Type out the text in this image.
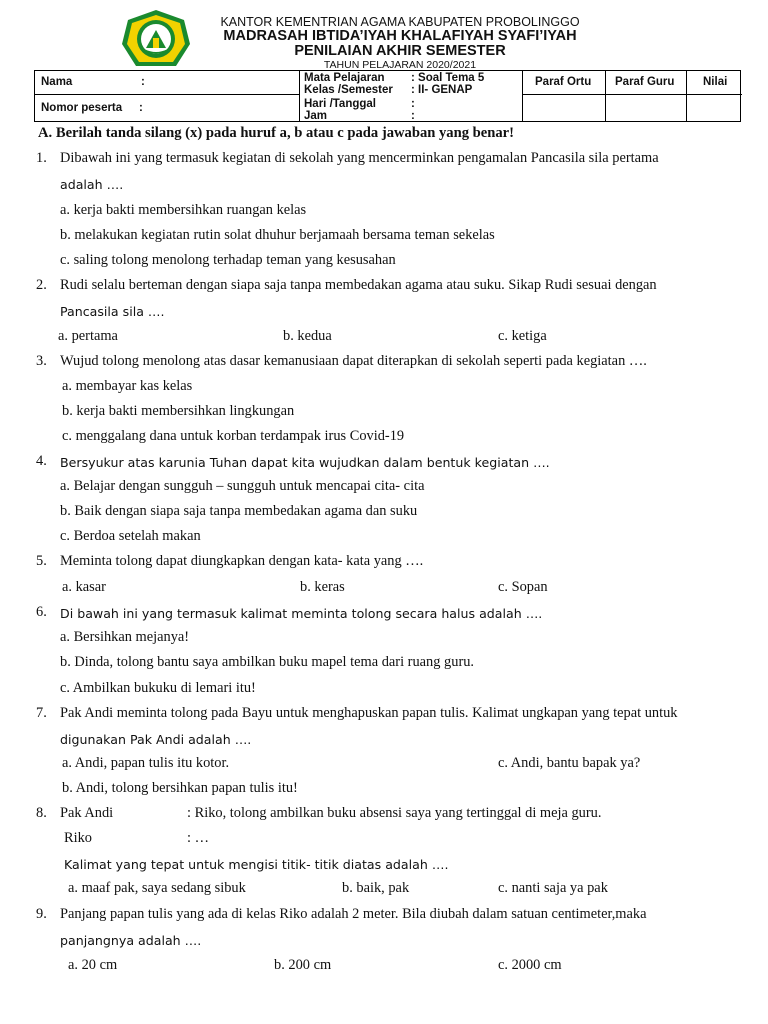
KANTOR KEMENTRIAN AGAMA KABUPATEN PROBOLINGGO
MADRASAH IBTIDA’IYAH KHALAFIYAH SYAFI’IYAH
PENILAIAN AKHIR SEMESTER
TAHUN PELAJARAN 2020/2021
Nama	:
Nomor peserta :
Mata Pelajaran : Soal Tema 5
Kelas /Semester : II- GENAP
Hari /Tanggal	:
Jam	:
Paraf Ortu Paraf Guru Nilai
A. Berilah tanda silang (x) pada huruf a, b atau c pada jawaban yang benar!
1. Dibawah ini yang termasuk kegiatan di sekolah yang mencerminkan pengamalan Pancasila sila pertama
adalah ….
a. kerja bakti membersihkan ruangan kelas
b. melakukan kegiatan rutin solat dhuhur berjamaah bersama teman sekelas
c. saling tolong menolong terhadap teman yang kesusahan
2. Rudi selalu berteman dengan siapa saja tanpa membedakan agama atau suku. Sikap Rudi sesuai dengan
Pancasila sila ….
a. pertama	b. kedua	c. ketiga
3. Wujud tolong menolong atas dasar kemanusiaan dapat diterapkan di sekolah seperti pada kegiatan ….
a. membayar kas kelas
b. kerja bakti membersihkan lingkungan
c. menggalang dana untuk korban terdampak irus Covid-19
4. Bersyukur atas karunia Tuhan dapat kita wujudkan dalam bentuk kegiatan ….
a. Belajar dengan sungguh – sungguh untuk mencapai cita- cita
b. Baik dengan siapa saja tanpa membedakan agama dan suku
c. Berdoa setelah makan
5. Meminta tolong dapat diungkapkan dengan kata- kata yang ….
a. kasar	b. keras	c. Sopan
6. Di bawah ini yang termasuk kalimat meminta tolong secara halus adalah ….
a. Bersihkan mejanya!
b. Dinda, tolong bantu saya ambilkan buku mapel tema dari ruang guru.
c. Ambilkan bukuku di lemari itu!
7. Pak Andi meminta tolong pada Bayu untuk menghapuskan papan tulis. Kalimat ungkapan yang tepat untuk
digunakan Pak Andi adalah ….
a. Andi, papan tulis itu kotor.	c. Andi, bantu bapak ya?
b. Andi, tolong bersihkan papan tulis itu!
8. Pak Andi	: Riko, tolong ambilkan buku absensi saya yang tertinggal di meja guru.
Riko	: …
Kalimat yang tepat untuk mengisi titik- titik diatas adalah ….
a. maaf pak, saya sedang sibuk	b. baik, pak	c. nanti saja ya pak
9. Panjang papan tulis yang ada di kelas Riko adalah 2 meter. Bila diubah dalam satuan centimeter,maka
panjangnya adalah ….
a. 20 cm	b. 200 cm	c. 2000 cm
